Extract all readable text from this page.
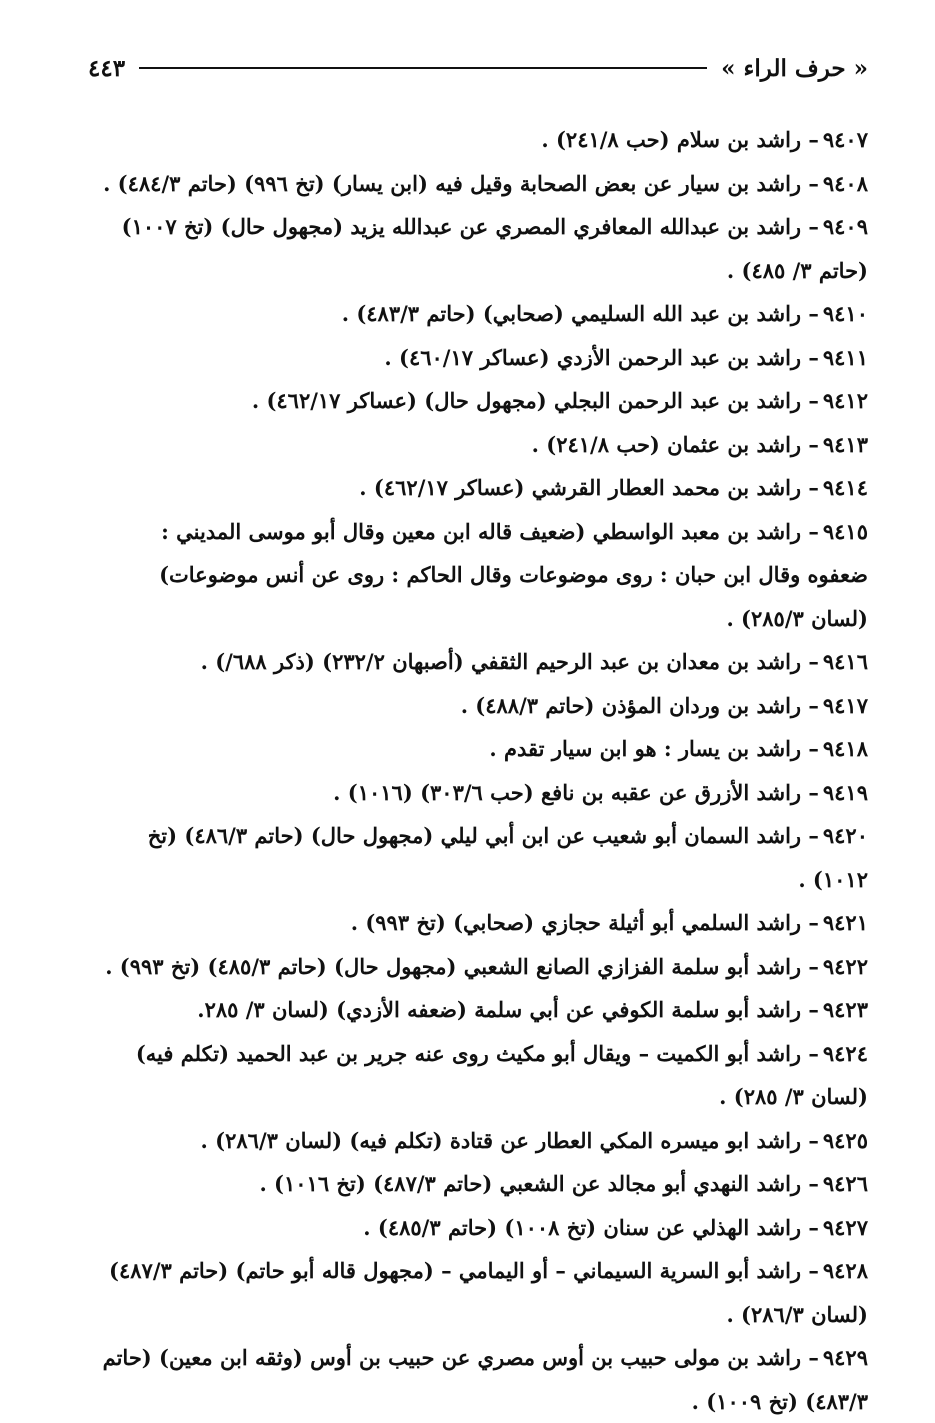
« حرف الراء »
٤٤٣

٩٤٠٧– راشد بن سلام (حب ٢٤١/٨) .

٩٤٠٨– راشد بن سيار عن بعض الصحابة وقيل فيه (ابن يسار) (تخ ٩٩٦) (حاتم ٤٨٤/٣) .

٩٤٠٩– راشد بن عبدالله المعافري المصري عن عبدالله يزيد (مجهول حال) (تخ ١٠٠٧) (حاتم ٣/ ٤٨٥) .

٩٤١٠– راشد بن عبد الله السليمي (صحابي) (حاتم ٤٨٣/٣) .

٩٤١١– راشد بن عبد الرحمن الأزدي (عساكر ٤٦٠/١٧) .

٩٤١٢– راشد بن عبد الرحمن البجلي (مجهول حال) (عساكر ٤٦٢/١٧) .

٩٤١٣– راشد بن عثمان (حب ٢٤١/٨) .

٩٤١٤– راشد بن محمد العطار القرشي (عساكر ٤٦٢/١٧) .

٩٤١٥– راشد بن معبد الواسطي (ضعيف قاله ابن معين وقال أبو موسى المديني : ضعفوه وقال ابن حبان : روى موضوعات وقال الحاكم : روى عن أنس موضوعات) (لسان ٢٨٥/٣) .

٩٤١٦– راشد بن معدان بن عبد الرحيم الثقفي (أصبهان ٢٣٢/٢) (ذكر ٦٨٨/) .

٩٤١٧– راشد بن وردان المؤذن (حاتم ٤٨٨/٣) .

٩٤١٨– راشد بن يسار : هو ابن سيار تقدم .

٩٤١٩– راشد الأزرق عن عقبه بن نافع (حب ٣٠٣/٦) (١٠١٦) .

٩٤٢٠– راشد السمان أبو شعيب عن ابن أبي ليلي (مجهول حال) (حاتم ٤٨٦/٣) (تخ ١٠١٢) .

٩٤٢١– راشد السلمي أبو أثيلة حجازي (صحابي) (تخ ٩٩٣) .

٩٤٢٢– راشد أبو سلمة الفزازي الصانع الشعبي (مجهول حال) (حاتم ٤٨٥/٣) (تخ ٩٩٣) .

٩٤٢٣– راشد أبو سلمة الكوفي عن أبي سلمة (ضعفه الأزدي) (لسان ٣/ ٢٨٥.

٩٤٢٤– راشد أبو الكميت – ويقال أبو مكيث روى عنه جرير بن عبد الحميد (تكلم فيه) (لسان ٣/ ٢٨٥) .

٩٤٢٥– راشد ابو ميسره المكي العطار عن قتادة (تكلم فيه) (لسان ٢٨٦/٣) .

٩٤٢٦– راشد النهدي أبو مجالد عن الشعبي (حاتم ٤٨٧/٣) (تخ ١٠١٦) .

٩٤٢٧– راشد الهذلي عن سنان (تخ ١٠٠٨) (حاتم ٤٨٥/٣) .

٩٤٢٨– راشد أبو السرية السيماني – أو اليمامي – (مجهول قاله أبو حاتم) (حاتم ٤٨٧/٣) (لسان ٢٨٦/٣) .

٩٤٢٩– راشد بن مولى حبيب بن أوس مصري عن حبيب بن أوس (وثقه ابن معين) (حاتم ٤٨٣/٣) (تخ ١٠٠٩) .
